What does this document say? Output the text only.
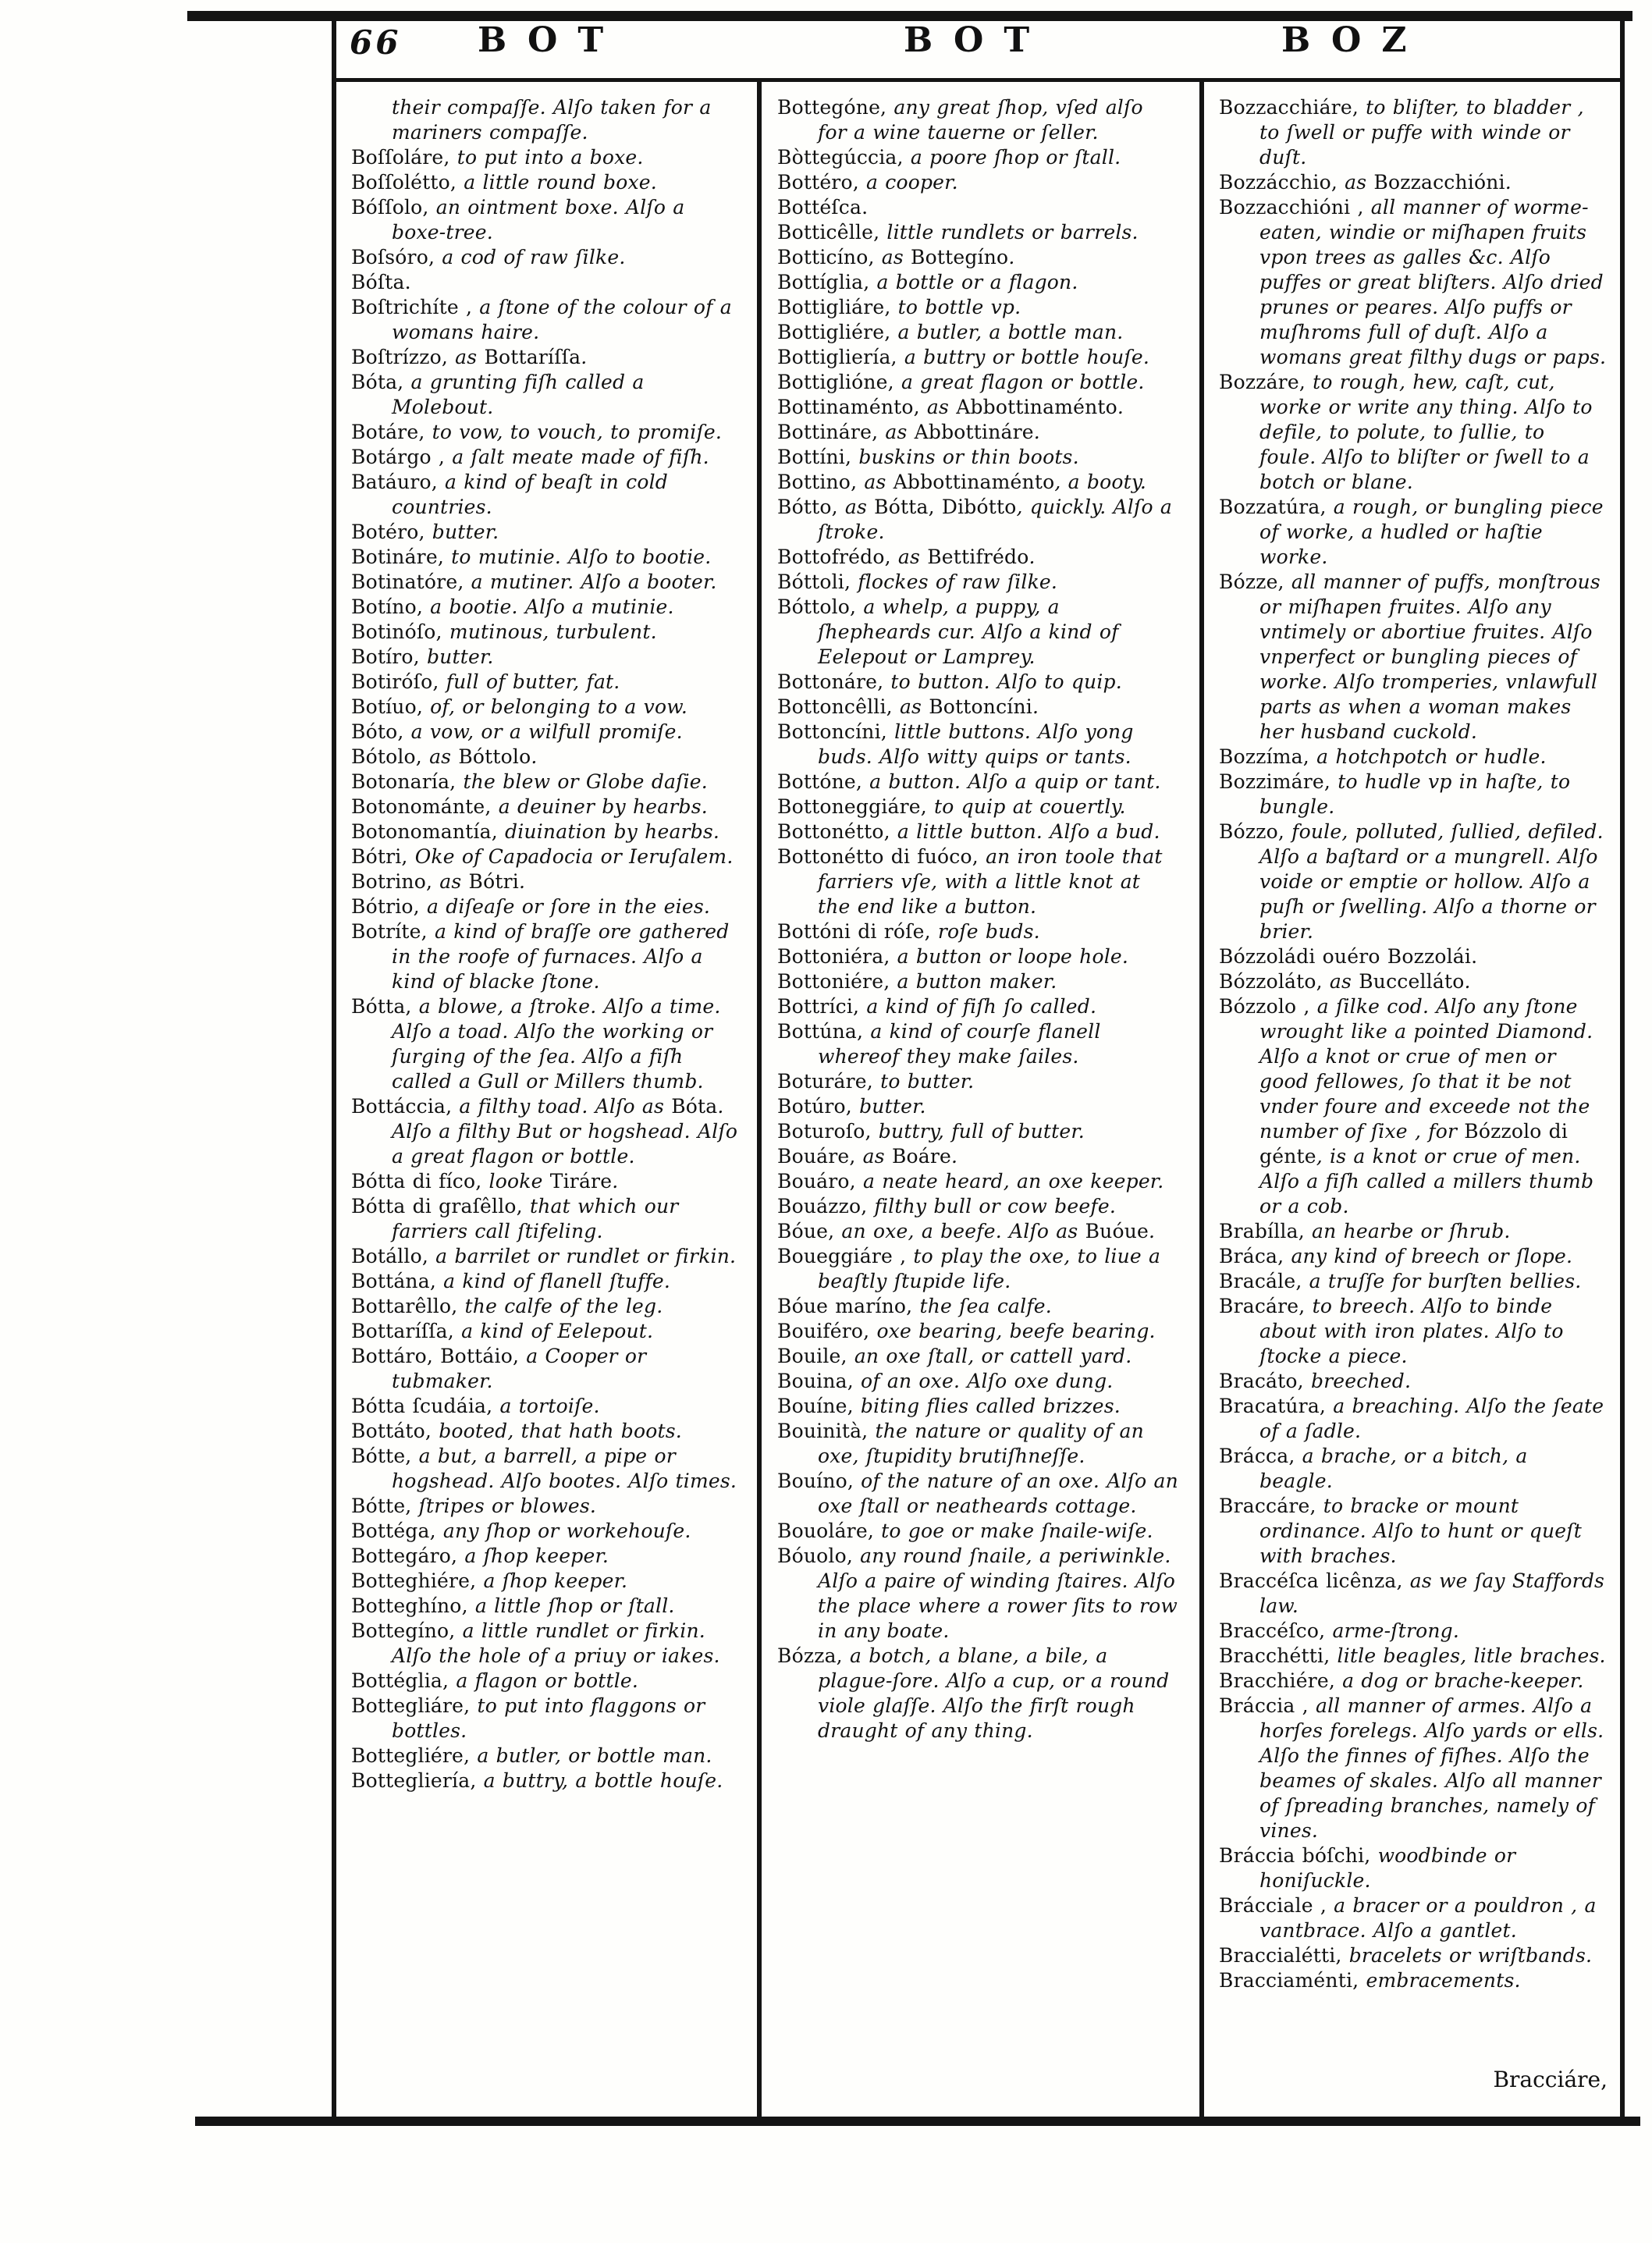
66 BOT	BOT	BOZ
their compaſſe. Alſo taken for a mariners compaſſe.
Boſſoláre, to put into a boxe.
Boſſolétto, a little round boxe.
Bóſſolo, an ointment boxe. Alſo a boxe-tree.
Boſsóro, a cod of raw ſilke.
Bóſta.
Boſtrichíte , a ſtone of the colour of a womans haire.
Boſtrízzo, as Bottaríſſa.
Bóta, a grunting fiſh called a Molebout.
Botáre, to vow, to vouch, to promiſe.
Botárgo , a ſalt meate made of fiſh.
Batáuro, a kind of beaſt in cold countries.
Botéro, butter.
Botináre, to mutinie. Alſo to bootie.
Botinatóre, a mutiner. Alſo a booter.
Botíno, a bootie. Alſo a mutinie.
Botinóſo, mutinous, turbulent.
Botíro, butter.
Botiróſo, full of butter, fat.
Botíuo, of, or belonging to a vow.
Bóto, a vow, or a wilfull promiſe.
Bótolo, as Bóttolo.
Botonaría, the blew or Globe daſie.
Botonománte, a deuiner by hearbs.
Botonomantía, diuination by hearbs.
Bótri, Oke of Capadocia or Ieruſalem.
Botrino, as Bótri.
Bótrio, a diſeaſe or ſore in the eies.
Botríte, a kind of braſſe ore gathered in the roofe of furnaces. Alſo a kind of blacke ſtone.
Bótta, a blowe, a ſtroke. Alſo a time. Alſo a toad. Alſo the working or ſurging of the ſea. Alſo a fiſh called a Gull or Millers thumb.
Bottáccia, a filthy toad. Alſo as Bóta. Alſo a filthy But or hogshead. Alſo a great flagon or bottle.
Bótta di fíco, looke Tiráre.
Bótta di graſêllo, that which our farriers call ſtifeling.
Botállo, a barrilet or rundlet or firkin.
Bottána, a kind of flanell ſtuffe.
Bottarêllo, the calfe of the leg.
Bottaríſſa, a kind of Eelepout.
Bottáro, Bottáio, a Cooper or tubmaker.
Bótta ſcudáia, a tortoiſe.
Bottáto, booted, that hath boots.
Bótte, a but, a barrell, a pipe or hogshead. Alſo bootes. Alſo times.
Bótte, ſtripes or blowes.
Bottéga, any ſhop or workehouſe.
Bottegáro, a ſhop keeper.
Botteghiére, a ſhop keeper.
Botteghíno, a little ſhop or ſtall.
Bottegíno, a little rundlet or firkin. Alſo the hole of a priuy or iakes.
Bottéglia, a flagon or bottle.
Bottegliáre, to put into flaggons or bottles.
Bottegliére, a butler, or bottle man.
Bottegliería, a buttry, a bottle houſe.
Bottegóne, any great ſhop, vſed alſo for a wine tauerne or ſeller.
Bòttegúccia, a poore ſhop or ſtall.
Bottéro, a cooper.
Bottéſca.
Botticêlle, little rundlets or barrels.
Botticíno, as Bottegíno.
Bottíglia, a bottle or a flagon.
Bottigliáre, to bottle vp.
Bottigliére, a butler, a bottle man.
Bottigliería, a buttry or bottle houſe.
Bottiglióne, a great flagon or bottle.
Bottinaménto, as Abbottinaménto.
Bottináre, as Abbottináre.
Bottíni, buskins or thin boots.
Bottino, as Abbottinaménto, a booty.
Bótto, as Bótta, Dibótto, quickly. Alſo a ſtroke.
Bottofrédo, as Bettifrédo.
Bóttoli, flockes of raw ſilke.
Bóttolo, a whelp, a puppy, a ſhepheards cur. Alſo a kind of Eelepout or Lamprey.
Bottonáre, to button. Alſo to quip.
Bottoncêlli, as Bottoncíni.
Bottoncíni, little buttons. Alſo yong buds. Alſo witty quips or tants.
Bottóne, a button. Alſo a quip or tant.
Bottoneggiáre, to quip at couertly.
Bottonétto, a little button. Alſo a bud.
Bottonétto di fuóco, an iron toole that farriers vſe, with a little knot at the end like a button.
Bottóni di róſe, roſe buds.
Bottoniéra, a button or loope hole.
Bottoniére, a button maker.
Bottríci, a kind of fiſh ſo called.
Bottúna, a kind of courſe flanell whereof they make ſailes.
Boturáre, to butter.
Botúro, butter.
Boturoſo, buttry, full of butter.
Bouáre, as Boáre.
Bouáro, a neate heard, an oxe keeper.
Bouázzo, filthy bull or cow beefe.
Bóue, an oxe, a beefe. Alſo as Buóue.
Boueggiáre , to play the oxe, to liue a beaſtly ſtupide life.
Bóue maríno, the ſea calfe.
Bouiféro, oxe bearing, beefe bearing.
Bouile, an oxe ſtall, or cattell yard.
Bouina, of an oxe. Alſo oxe dung.
Bouíne, biting flies called brizzes.
Bouinità, the nature or quality of an oxe, ſtupidity brutiſhneſſe.
Bouíno, of the nature of an oxe. Alſo an oxe ſtall or neatheards cottage.
Bouoláre, to goe or make ſnaile-wiſe.
Bóuolo, any round ſnaile, a periwinkle. Alſo a paire of winding ſtaires. Alſo the place where a rower ſits to row in any boate.
Bózza, a botch, a blane, a bile, a plague-ſore. Alſo a cup, or a round viole glaſſe. Alſo the firſt rough draught of any thing.
Bozzacchiáre, to bliſter, to bladder , to ſwell or puffe with winde or duſt.
Bozzácchio, as Bozzacchióni.
Bozzacchióni , all manner of worme-eaten, windie or miſhapen fruits vpon trees as galles &c. Alſo puffes or great bliſters. Alſo dried prunes or peares. Alſo puffs or muſhroms full of duſt. Alſo a womans great filthy dugs or paps.
Bozzáre, to rough, hew, caſt, cut, worke or write any thing. Alſo to defile, to polute, to ſullie, to foule. Alſo to bliſter or ſwell to a botch or blane.
Bozzatúra, a rough, or bungling piece of worke, a hudled or haſtie worke.
Bózze, all manner of puffs, monſtrous or miſhapen fruites. Alſo any vntimely or abortiue fruites. Alſo vnperfect or bungling pieces of worke. Alſo tromperies, vnlawfull parts as when a woman makes her husband cuckold.
Bozzíma, a hotchpotch or hudle.
Bozzimáre, to hudle vp in haſte, to bungle.
Bózzo, foule, polluted, ſullied, defiled. Alſo a baſtard or a mungrell. Alſo voide or emptie or hollow. Alſo a puſh or ſwelling. Alſo a thorne or brier.
Bózzoládi ouéro Bozzolái.
Bózzoláto, as Buccelláto.
Bózzolo , a ſilke cod. Alſo any ſtone wrought like a pointed Diamond. Alſo a knot or crue of men or good fellowes, ſo that it be not vnder foure and exceede not the number of ſixe , for Bózzolo di génte, is a knot or crue of men. Alſo a fiſh called a millers thumb or a cob.
Brabílla, an hearbe or ſhrub.
Bráca, any kind of breech or ſlope.
Bracále, a truſſe for burſten bellies.
Bracáre, to breech. Alſo to binde about with iron plates. Alſo to ſtocke a piece.
Bracáto, breeched.
Bracatúra, a breaching. Alſo the ſeate of a ſadle.
Brácca, a brache, or a bitch, a beagle.
Braccáre, to bracke or mount ordinance. Alſo to hunt or queſt with braches.
Braccéſca licênza, as we ſay Staffords law.
Braccéſco, arme-ſtrong.
Bracchétti, litle beagles, litle braches.
Bracchiére, a dog or brache-keeper.
Bráccia , all manner of armes. Alſo a horſes forelegs. Alſo yards or ells. Alſo the finnes of fiſhes. Alſo the beames of skales. Alſo all manner of ſpreading branches, namely of vines.
Bráccia bóſchi, woodbinde or honiſuckle.
Brácciale , a bracer or a pouldron , a vantbrace. Alſo a gantlet.
Braccialétti, bracelets or wriſtbands.
Bracciaménti, embracements.
Bracciáre,
